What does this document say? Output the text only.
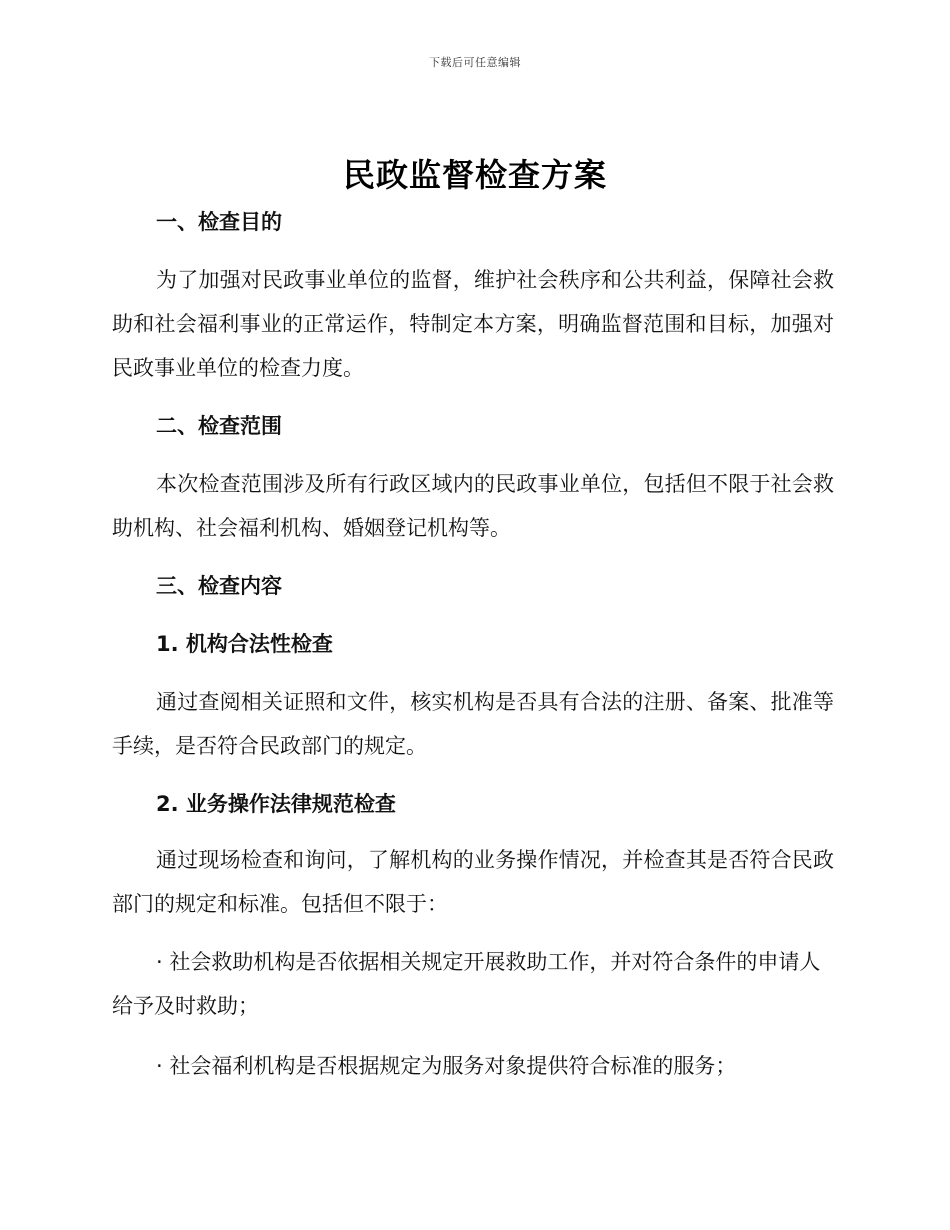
下载后可任意编辑
民政监督检查方案
一、检查目的
为了加强对民政事业单位的监督，维护社会秩序和公共利益，保障社会救助和社会福利事业的正常运作，特制定本方案，明确监督范围和目标，加强对民政事业单位的检查力度。
二、检查范围
本次检查范围涉及所有行政区域内的民政事业单位，包括但不限于社会救助机构、社会福利机构、婚姻登记机构等。
三、检查内容
1. 机构合法性检查
通过查阅相关证照和文件，核实机构是否具有合法的注册、备案、批准等手续，是否符合民政部门的规定。
2. 业务操作法律规范检查
通过现场检查和询问，了解机构的业务操作情况，并检查其是否符合民政部门的规定和标准。包括但不限于：
· 社会救助机构是否依据相关规定开展救助工作，并对符合条件的申请人给予及时救助；
· 社会福利机构是否根据规定为服务对象提供符合标准的服务；
